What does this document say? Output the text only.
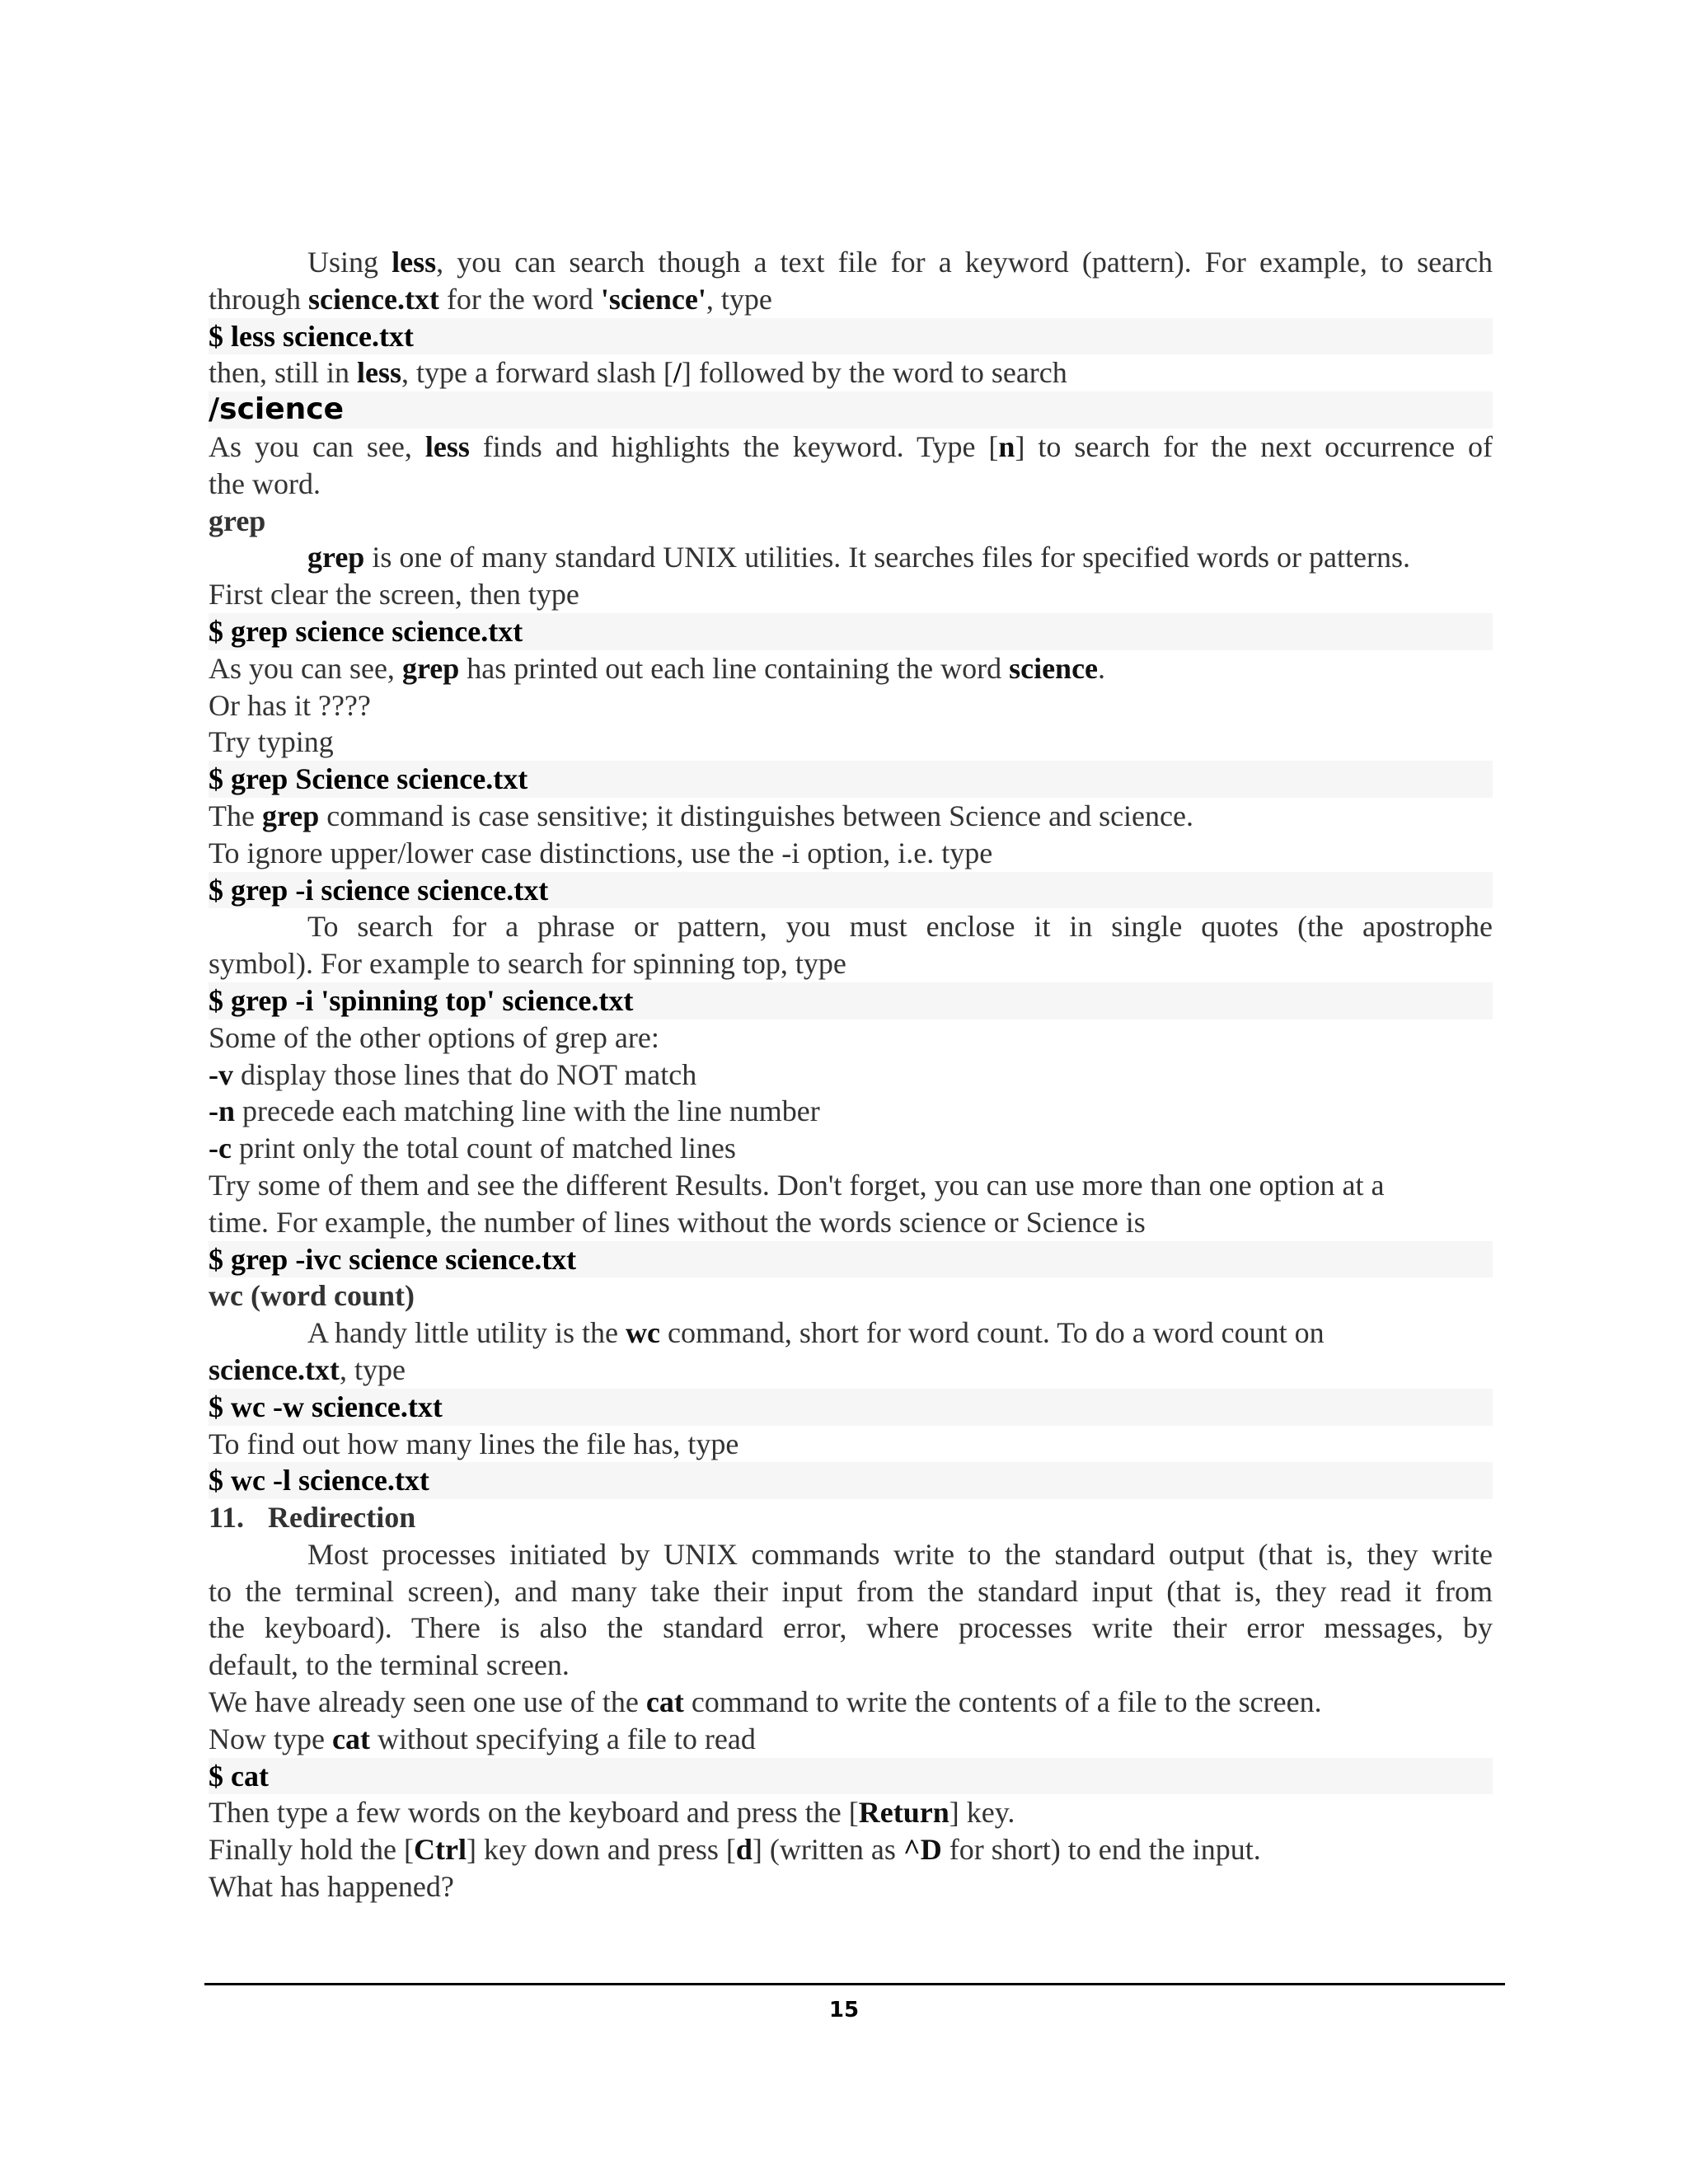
Using less, you can search though a text file for a keyword (pattern). For example, to search
through science.txt for the word 'science', type
$ less science.txt
then, still in less, type a forward slash [/] followed by the word to search
/science
As you can see, less finds and highlights the keyword. Type [n] to search for the next occurrence of
the word.
grep
grep is one of many standard UNIX utilities. It searches files for specified words or patterns.
First clear the screen, then type
$ grep science science.txt
As you can see, grep has printed out each line containing the word science.
Or has it ????
Try typing
$ grep Science science.txt
The grep command is case sensitive; it distinguishes between Science and science.
To ignore upper/lower case distinctions, use the -i option, i.e. type
$ grep -i science science.txt
To search for a phrase or pattern, you must enclose it in single quotes (the apostrophe
symbol). For example to search for spinning top, type
$ grep -i 'spinning top' science.txt
Some of the other options of grep are:
-v display those lines that do NOT match
-n precede each matching line with the line number
-c print only the total count of matched lines
Try some of them and see the different Results. Don't forget, you can use more than one option at a
time. For example, the number of lines without the words science or Science is
$ grep -ivc science science.txt
wc (word count)
A handy little utility is the wc command, short for word count. To do a word count on
science.txt, type
$ wc -w science.txt
To find out how many lines the file has, type
$ wc -l science.txt
11. Redirection
Most processes initiated by UNIX commands write to the standard output (that is, they write
to the terminal screen), and many take their input from the standard input (that is, they read it from
the keyboard). There is also the standard error, where processes write their error messages, by
default, to the terminal screen.
We have already seen one use of the cat command to write the contents of a file to the screen.
Now type cat without specifying a file to read
$ cat
Then type a few words on the keyboard and press the [Return] key.
Finally hold the [Ctrl] key down and press [d] (written as ^D for short) to end the input.
What has happened?
15
